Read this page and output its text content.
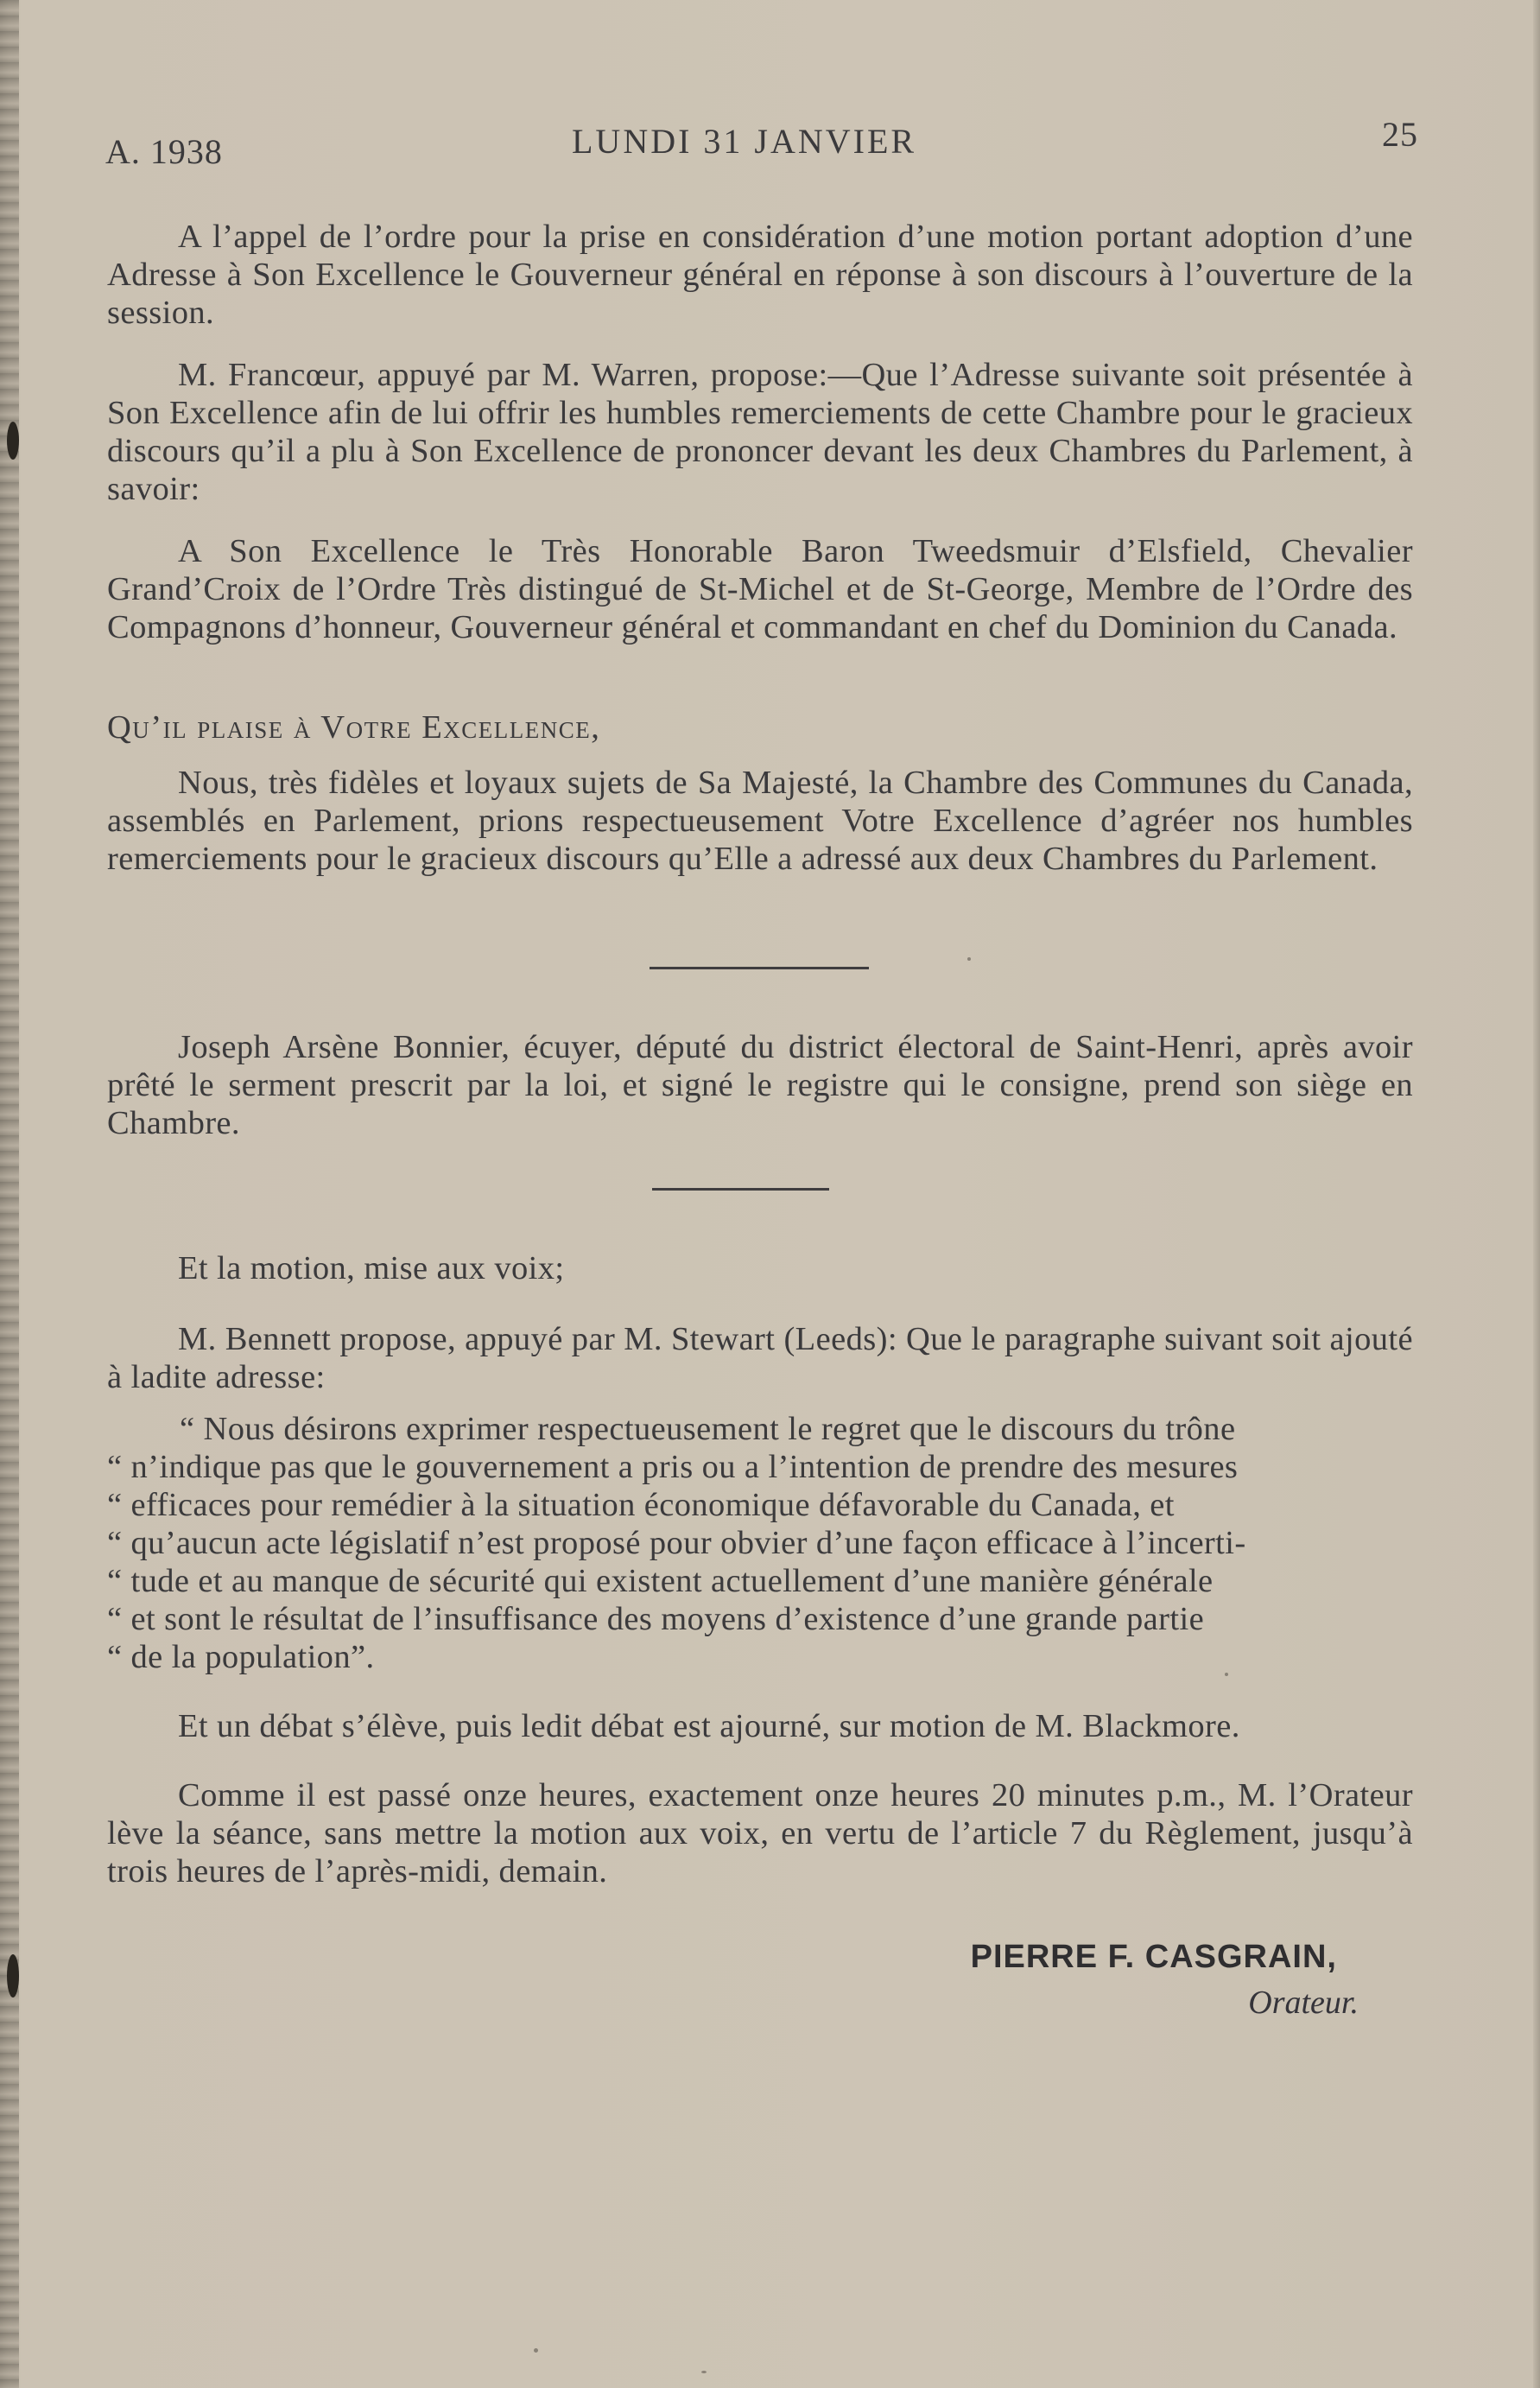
A. 1938	LUNDI 31 JANVIER	25
A l’appel de l’ordre pour la prise en considération d’une motion portant adoption d’une Adresse à Son Excellence le Gouverneur général en réponse à son discours à l’ouverture de la session.
M. Francœur, appuyé par M. Warren, propose:—Que l’Adresse suivante soit présentée à Son Excellence afin de lui offrir les humbles remerciements de cette Chambre pour le gracieux discours qu’il a plu à Son Excellence de prononcer devant les deux Chambres du Parlement, à savoir:
A Son Excellence le Très Honorable Baron Tweedsmuir d’Elsfield, Chevalier Grand’Croix de l’Ordre Très distingué de St-Michel et de St-George, Membre de l’Ordre des Compagnons d’honneur, Gouverneur général et commandant en chef du Dominion du Canada.
Qu’il plaise à Votre Excellence,
Nous, très fidèles et loyaux sujets de Sa Majesté, la Chambre des Communes du Canada, assemblés en Parlement, prions respectueusement Votre Excellence d’agréer nos humbles remerciements pour le gracieux discours qu’Elle a adressé aux deux Chambres du Parlement.
Joseph Arsène Bonnier, écuyer, député du district électoral de Saint-Henri, après avoir prêté le serment prescrit par la loi, et signé le registre qui le consigne, prend son siège en Chambre.
Et la motion, mise aux voix;
M. Bennett propose, appuyé par M. Stewart (Leeds): Que le paragraphe suivant soit ajouté à ladite adresse:
“ Nous désirons exprimer respectueusement le regret que le discours du trône
“ n’indique pas que le gouvernement a pris ou a l’intention de prendre des mesures
“ efficaces pour remédier à la situation économique défavorable du Canada, et
“ qu’aucun acte législatif n’est proposé pour obvier d’une façon efficace à l’incerti-
“ tude et au manque de sécurité qui existent actuellement d’une manière générale
“ et sont le résultat de l’insuffisance des moyens d’existence d’une grande partie
“ de la population”.
Et un débat s’élève, puis ledit débat est ajourné, sur motion de M. Blackmore.
Comme il est passé onze heures, exactement onze heures 20 minutes p.m., M. l’Orateur lève la séance, sans mettre la motion aux voix, en vertu de l’article 7 du Règlement, jusqu’à trois heures de l’après-midi, demain.
PIERRE F. CASGRAIN,
Orateur.
